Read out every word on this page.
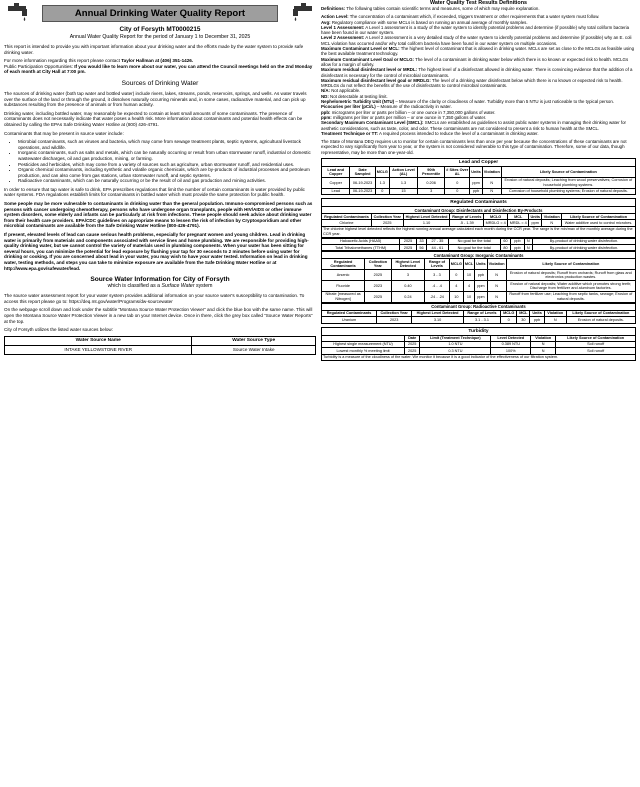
Annual Drinking Water Quality Report
City of Forsyth MT0000215
Annual Water Quality Report for the period of January 1 to December 31, 2025

This report is intended to provide you with important information about your drinking water and the efforts made by the water system to provide safe drinking water.

For more information regarding this report please contact Taylor Hallman at (406) 351-1426.
Public Participation Opportunities: If you would like to learn more about our water, you can attend the Council meetings held on the 2nd Monday of each month at City Hall at 7:00 pm.

Sources of Drinking Water

The sources of drinking water (both tap water and bottled water) include rivers, lakes, streams, ponds, reservoirs, springs, and wells. As water travels over the surface of the land or through the ground, it dissolves naturally occurring minerals and, in some cases, radioactive material, and can pick up substances resulting from the presence of animals or from human activity.

Drinking water, including bottled water, may reasonably be expected to contain at least small amounts of some contaminants. The presence of contaminants does not necessarily indicate that water poses a health risk. More information about contaminants and potential health effects can be obtained by calling the EPAs Safe Drinking Water Hotline at (800) 426-4791.

Contaminants that may be present in source water include:

• Microbial contaminants, such as viruses and bacteria, which may come from sewage treatment plants, septic systems, agricultural livestock operations, and wildlife.
• Inorganic contaminants, such as salts and metals, which can be naturally occurring or result from urban stormwater runoff, industrial or domestic wastewater discharges, oil and gas production, mining, or farming.
• Pesticides and herbicides, which may come from a variety of sources such as agriculture, urban stormwater runoff, and residential uses.
• Organic chemical contaminants, including synthetic and volatile organic chemicals, which are by-products of industrial processes and petroleum production, and can also come from gas stations, urban stormwater runoff, and septic systems.
• Radioactive contaminants, which can be naturally occurring or be the result of oil and gas production and mining activities.

In order to ensure that tap water is safe to drink, EPA prescribes regulations that limit the number of certain contaminants in water provided by public water systems. FDA regulations establish limits for contaminants in bottled water which must provide the same protection for public health.

Some people may be more vulnerable to contaminants in drinking water than the general population. Immuno-compromised persons such as persons with cancer undergoing chemotherapy, persons who have undergone organ transplants, people with HIV/AIDS or other immune system disorders, some elderly and infants can be particularly at risk from infections. These people should seek advice about drinking water from their health care providers. EPA/CDC guidelines on appropriate means to lessen the risk of infection by Cryptosporidium and other microbial contaminants are available from the Safe Drinking Water Hotline (800-426-4791).

If present, elevated levels of lead can cause serious health problems, especially for pregnant women and young children. Lead in drinking water is primarily from materials and components associated with service lines and home plumbing. We are responsible for providing high-quality drinking water, but we cannot control the variety of materials used in plumbing components. When your water has been sitting for several hours, you can minimize the potential for lead exposure by flushing your tap for 30 seconds to 2 minutes before using water for drinking or cooking. If you are concerned about lead in your water, you may wish to have your water tested. Information on lead in drinking water, testing methods, and steps you can take to minimize exposure are available from the Safe Drinking Water Hotline or at http://www.epa.gov/safewater/lead.

Source Water Information for City of Forsyth
which is classified as a Surface Water system

The source water assessment report for your water system provides additional information on your source water's susceptibility to contamination. To access this report please go to: https://deq.mt.gov/water/Programs/dw-sourcewater

On the webpage scroll down and look under the subtitle “Montana Source Water Protection Viewer” and click the blue box with the same name. This will open the Montana Source Water Protection Viewer in a new tab on your Internet device. Once in there, click the grey box called “Source Water Reports” at the top.

City of Forsyth utilizes the listed water sources below:

Water Source Name	Water Source Type
INTAKE YELLOWSTONE RIVER	Source Water Intake
Water Quality Test Results Definitions

Definitions: The following tables contain scientific terms and measures, some of which may require explanation.

Action Level: The concentration of a contaminant which, if exceeded, triggers treatment or other requirements that a water system must follow.

Avg: Regulatory compliance with some MCLs is based on running an annual average of monthly samples.

Level 1 Assessment: A Level 1 assessment is a study of the water system to identify potential problems and determine (if possible) why total coliform bacteria have been found in our water system.

Level 2 Assessment: A Level 2 assessment is a very detailed study of the water system to identify potential problems and determine (if possible) why an E. coli MCL violation has occurred and/or why total coliform bacteria have been found in our water system on multiple occasions.

Maximum Contaminant Level or MCL: The highest level of contaminant that is allowed in drinking water. MCLs are set as close to the MCLGs as feasible using the best available treatment technology.

Maximum Contaminant Level Goal or MCLG: The level of a contaminant in drinking water below which there is no known or expected risk to health. MCLGs allow for a margin of safety.

Maximum residual disinfectant level or MRDL: The highest level of a disinfectant allowed in drinking water. There is convincing evidence that the addition of a disinfectant is necessary for the control of microbial contaminants.

Maximum residual disinfectant level goal or MRDLG: The level of a drinking water disinfectant below which there is no known or expected risk to health. MRDLGs do not reflect the benefits of the use of disinfectants to control microbial contaminants.

N/A: Not applicable.

ND: Not detectable at testing limit.

Nephelometric Turbidity Unit (NTU) – Measure of the clarity or cloudiness of water. Turbidity more than 5 NTU is just noticeable to the typical person.

Picocuries per liter (pCi/L) – Measure of the radioactivity in water.

ppb: micrograms per liter or parts per billion – or one ounce in 7,350,000 gallons of water.

ppm: milligrams per liter or parts per million – or one ounce in 7,350 gallons of water.

Secondary Maximum Contaminant Level (SMCL): SMCLs are established as guidelines to assist public water systems in managing their drinking water for aesthetic considerations, such as taste, color, and odor. These contaminants are not considered to present a risk to human health at the SMCL.

Treatment Technique or TT: A required process intended to reduce the level of a contaminant in drinking water.

The State of Montana DEQ requires us to monitor for certain contaminants less than once per year because the concentrations of these contaminants are not expected to vary significantly from year to year, or the system is not considered vulnerable to this type of contamination. Therefore, some of our data, though representative, may be more than one-year-old.

Lead and Copper
Lead and Copper	Date Sampled	MCLG	Action Level (AL)	90th Percentile	# Sites Over AL	Units	Violation	Likely Source of Contamination
Copper	06-19-2023	1.3	1.3	0.206	0	ppm	N	Erosion of natural deposits; Leaching from wood preservatives; Corrosion of household plumbing systems.
Lead	06-19-2023	0	15	3	0	ppb	N	Corrosion of household plumbing systems; Erosion of natural deposits.
Regulated Contaminants
Contaminant Group: Disinfectants and Disinfection By-Products
Regulated Contaminants	Collection Year	Highest Level Detected	Range of Levels	MCLG	MCL	Units	Violation	Likely Source of Contamination
Chlorine	2025	1.10	.5 - 1.39	MRDLG = 4	MRDL = 4	ppm	N	Water additive used to control microbes.
The chlorine highest level detected reflects the highest running annual average calculated each month during the CCR year. The range is the min/max of the monthly average during the CCR year.
Haloacetic Acids (HAA5)	2025	33	27 - 35	No goal for the total	60	ppb	N	By-product of drinking water disinfection.
Total Trihalomethanes (TTHM)	2025	56	44 - 61	No goal for the total	80	ppb	N	By-product of drinking water disinfection.
Contaminant Group: Inorganic Contaminants
Regulated Contaminants	Collection Year	Highest Level Detected	Range of Levels	MCLG	MCL	Units	Violation	Likely Source of Contamination
Arsenic	2025	3	3 - 3	0	10	ppb	N	Erosion of natural deposits; Runoff from orchards; Runoff from glass and electronics production wastes.
Fluoride	2023	0.40	.4 - .4	4	4	ppm	N	Erosion of natural deposits; Water additive which promotes strong teeth; Discharge from fertilizer and aluminum factories.
Nitrate [measured as Nitrogen]	2025	0.24	.24 - .24	10	10	ppm	N	Runoff from fertilizer use; Leaching from septic tanks, sewage; Erosion of natural deposits.
Contaminant Group: Radioactive Contaminants
Regulated Contaminants	Collection Year	Highest Level Detected	Range of Levels	MCLG	MCL	Units	Violation	Likely Source of Contamination
Uranium	2023	3.10	3.1 - 3.1	0	30	ppb	N	Erosion of natural deposits.
Turbidity
	Date	Limit (Treatment Technique)	Level Detected	Violation	Likely Source of Contamination
Highest single measurement (NTU)	2025	1.0 NTU	0.389 NTU	N	Soil runoff
Lowest monthly % meeting limit	2025	0.3 NTU	100%	N	Soil runoff
Turbidity is a measure of the cloudiness of the water. We monitor it because it is a good indicator of the effectiveness of our filtration system.
